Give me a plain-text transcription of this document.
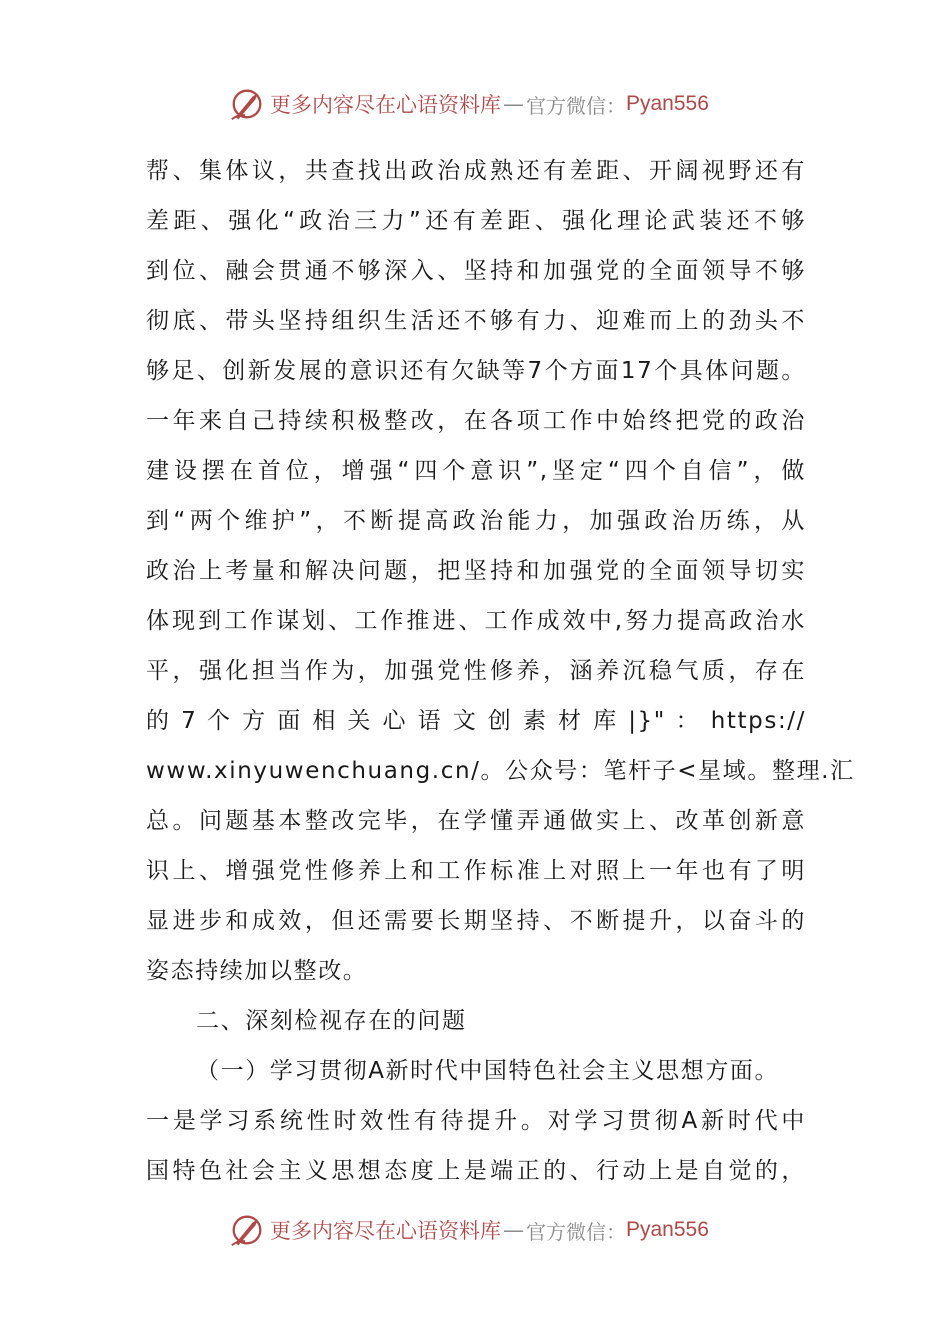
更多内容尽在心语资料库 — 官方微信： Pyan556
帮、集体议，共查找出政治成熟还有差距、开阔视野还有
差距、强化“政治三力”还有差距、强化理论武装还不够
到位、融会贯通不够深入、坚持和加强党的全面领导不够
彻底、带头坚持组织生活还不够有力、迎难而上的劲头不
够足、创新发展的意识还有欠缺等7个方面17个具体问题。
一年来自己持续积极整改，在各项工作中始终把党的政治
建设摆在首位，增强“四个意识”,坚定“四个自信”，做
到“两个维护”，不断提高政治能力，加强政治历练，从
政治上考量和解决问题，把坚持和加强党的全面领导切实
体现到工作谋划、工作推进、工作成效中,努力提高政治水
平，强化担当作为，加强党性修养，涵养沉稳气质，存在
的 7 个 方 面 相 关 心 语 文 创 素 材 库 |}" ： https://
www.xinyuwenchuang.cn/。公众号：笔杆子<星域。整理.汇
总。问题基本整改完毕，在学懂弄通做实上、改革创新意
识上、增强党性修养上和工作标准上对照上一年也有了明
显进步和成效，但还需要长期坚持、不断提升，以奋斗的
姿态持续加以整改。
二、深刻检视存在的问题
（一）学习贯彻A新时代中国特色社会主义思想方面。
一是学习系统性时效性有待提升。对学习贯彻A新时代中
国特色社会主义思想态度上是端正的、行动上是自觉的，
更多内容尽在心语资料库 — 官方微信： Pyan556
